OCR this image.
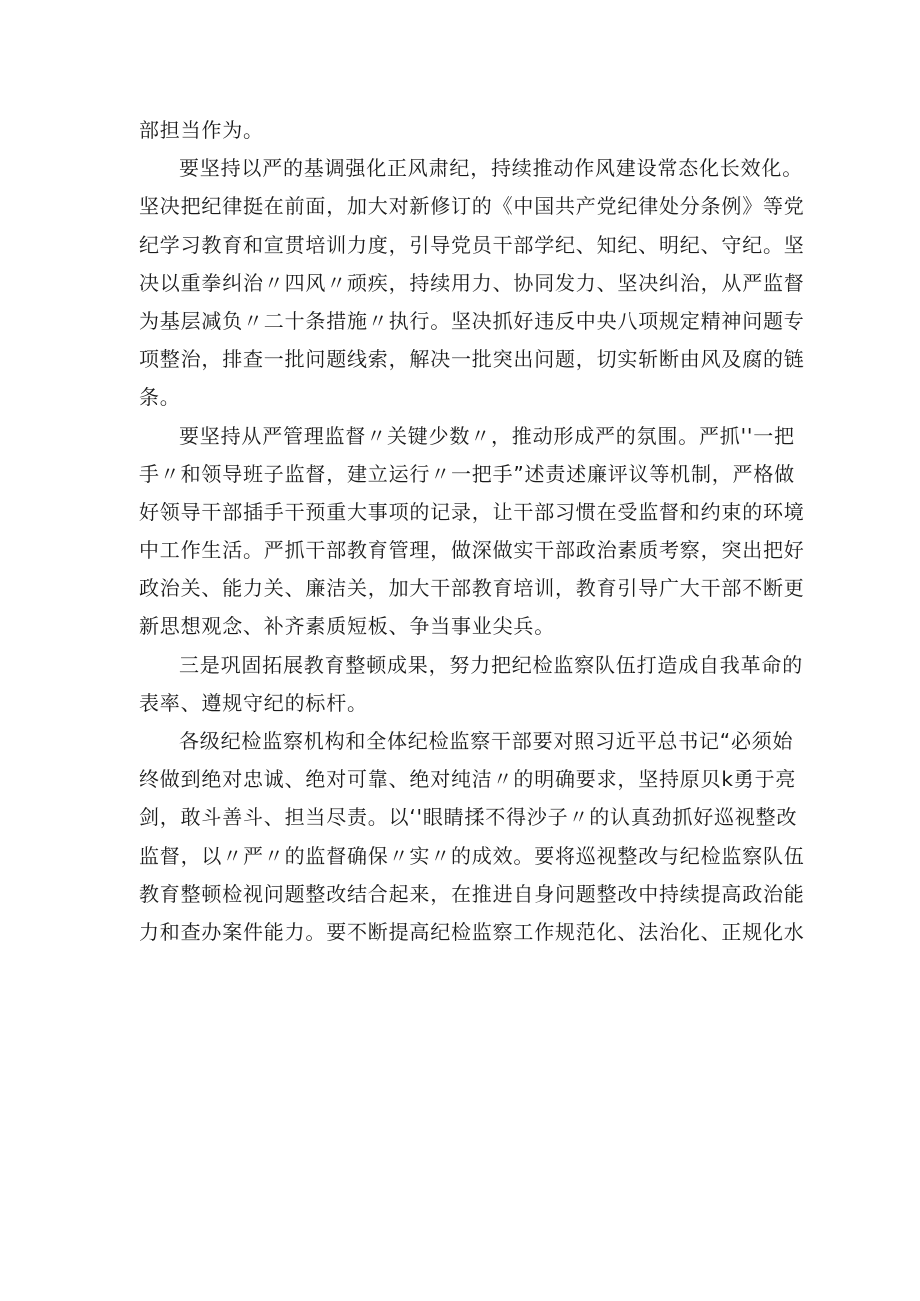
部担当作为。
要坚持以严的基调强化正风肃纪，持续推动作风建设常态化长效化。
坚决把纪律挺在前面，加大对新修订的《中国共产党纪律处分条例》等党
纪学习教育和宣贯培训力度，引导党员干部学纪、知纪、明纪、守纪。坚
决以重拳纠治〃四风〃顽疾，持续用力、协同发力、坚决纠治，从严监督
为基层减负〃二十条措施〃执行。坚决抓好违反中央八项规定精神问题专
项整治，排查一批问题线索，解决一批突出问题，切实斩断由风及腐的链
条。
要坚持从严管理监督〃关键少数〃，推动形成严的氛围。严抓''一把
手〃和领导班子监督，建立运行〃一把手”述责述廉评议等机制，严格做
好领导干部插手干预重大事项的记录，让干部习惯在受监督和约束的环境
中工作生活。严抓干部教育管理，做深做实干部政治素质考察，突出把好
政治关、能力关、廉洁关，加大干部教育培训，教育引导广大干部不断更
新思想观念、补齐素质短板、争当事业尖兵。
三是巩固拓展教育整顿成果，努力把纪检监察队伍打造成自我革命的
表率、遵规守纪的标杆。
各级纪检监察机构和全体纪检监察干部要对照习近平总书记“必须始
终做到绝对忠诚、绝对可靠、绝对纯洁〃的明确要求，坚持原贝k勇于亮
剑，敢斗善斗、担当尽责。以‘'眼睛揉不得沙子〃的认真劲抓好巡视整改
监督，以〃严〃的监督确保〃实〃的成效。要将巡视整改与纪检监察队伍
教育整顿检视问题整改结合起来，在推进自身问题整改中持续提高政治能
力和查办案件能力。要不断提高纪检监察工作规范化、法治化、正规化水
